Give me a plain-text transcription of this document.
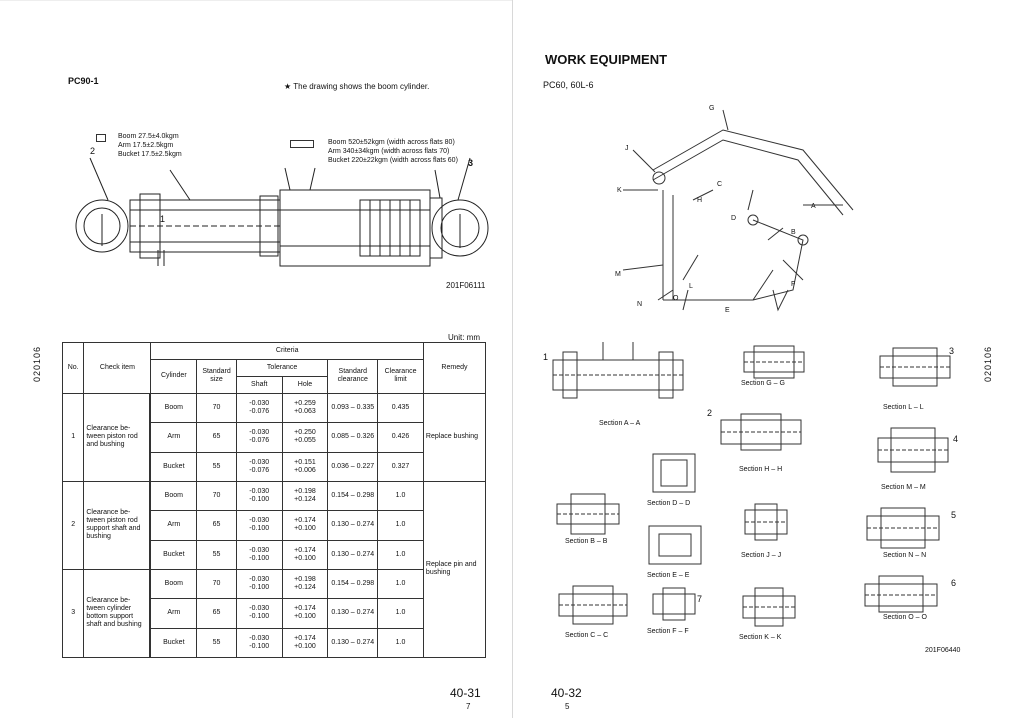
PC90-1
★ The drawing shows the boom cylinder.
Boom 27.5±4.0kgm
Arm 17.5±2.5kgm
Bucket 17.5±2.5kgm
Boom 520±52kgm (width across flats 80)
Arm 340±34kgm (width across flats 70)
Bucket 220±22kgm (width across flats 60)
2
3
1
201F06111
020106
Unit: mm
No.	Check item	Criteria						Remedy
		Cylinder	Standard size	Tolerance		Standard clearance	Clearance limit	
				Shaft	Hole			
1	Clearance be-tween piston rod and bushing		Boom	70	-0.030 -0.076	+0.259 +0.063	0.093 – 0.335	0.435	Replace bushing
		Arm	65	-0.030 -0.076	+0.250 +0.055	0.085 – 0.326	0.426	
		Bucket	55	-0.030 -0.076	+0.151 +0.006	0.036 – 0.227	0.327	
2	Clearance be-tween piston rod support shaft and bushing		Boom	70	-0.030 -0.100	+0.198 +0.124	0.154 – 0.298	1.0	Replace pin and bushing
		Arm	65	-0.030 -0.100	+0.174 +0.100	0.130 – 0.274	1.0	
		Bucket	55	-0.030 -0.100	+0.174 +0.100	0.130 – 0.274	1.0	
3	Clearance be-tween cylinder bottom support shaft and bushing		Boom	70	-0.030 -0.100	+0.198 +0.124	0.154 – 0.298	1.0	
		Arm	65	-0.030 -0.100	+0.174 +0.100	0.130 – 0.274	1.0	
		Bucket	55	-0.030 -0.100	+0.174 +0.100	0.130 – 0.274	1.0	
40-31
7
WORK EQUIPMENT
PC60, 60L-6
020106
G
J
K
H
C
A
D
B
M
L
N
O
F
E
1
Section A – A
Section G – G
3
Section L – L
2
Section H – H
4
Section M – M
Section D – D
Section B – B
Section J – J
5
Section N – N
Section E – E
Section C – C
7
Section F – F
Section K – K
6
Section O – O
201F06440
40-32
5
